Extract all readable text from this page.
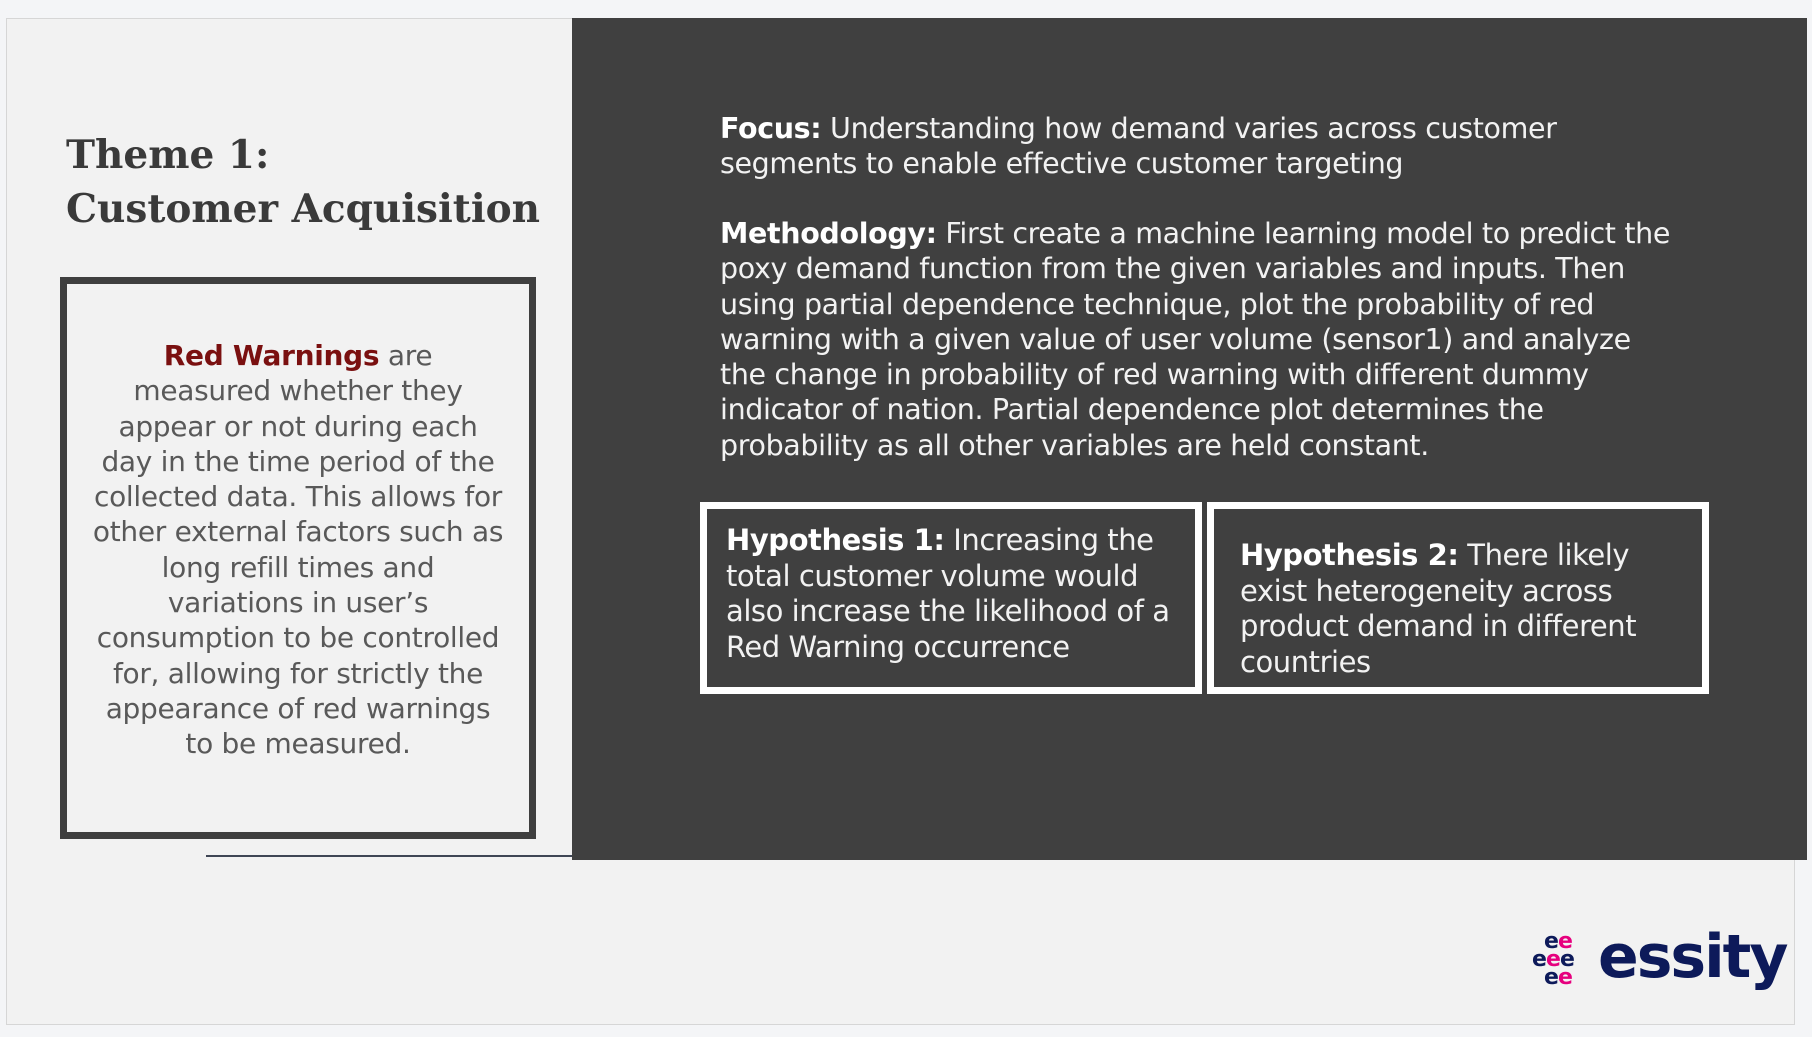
Theme 1:
Customer Acquisition
Red Warnings are measured whether they appear or not during each day in the time period of the collected data. This allows for other external factors such as long refill times and variations in user’s consumption to be controlled for, allowing for strictly the appearance of red warnings to be measured.
Focus: Understanding how demand varies across customer segments to enable effective customer targeting
Methodology: First create a machine learning model to predict the poxy demand function from the given variables and inputs. Then using partial dependence technique, plot the probability of red warning with a given value of user volume (sensor1) and analyze the change in probability of red warning with different dummy indicator of nation. Partial dependence plot determines the probability as all other variables are held constant.
Hypothesis 1: Increasing the total customer volume would also increase the likelihood of a Red Warning occurrence
Hypothesis 2: There likely exist heterogeneity across product demand in different countries
e e
e e e
e e essity
